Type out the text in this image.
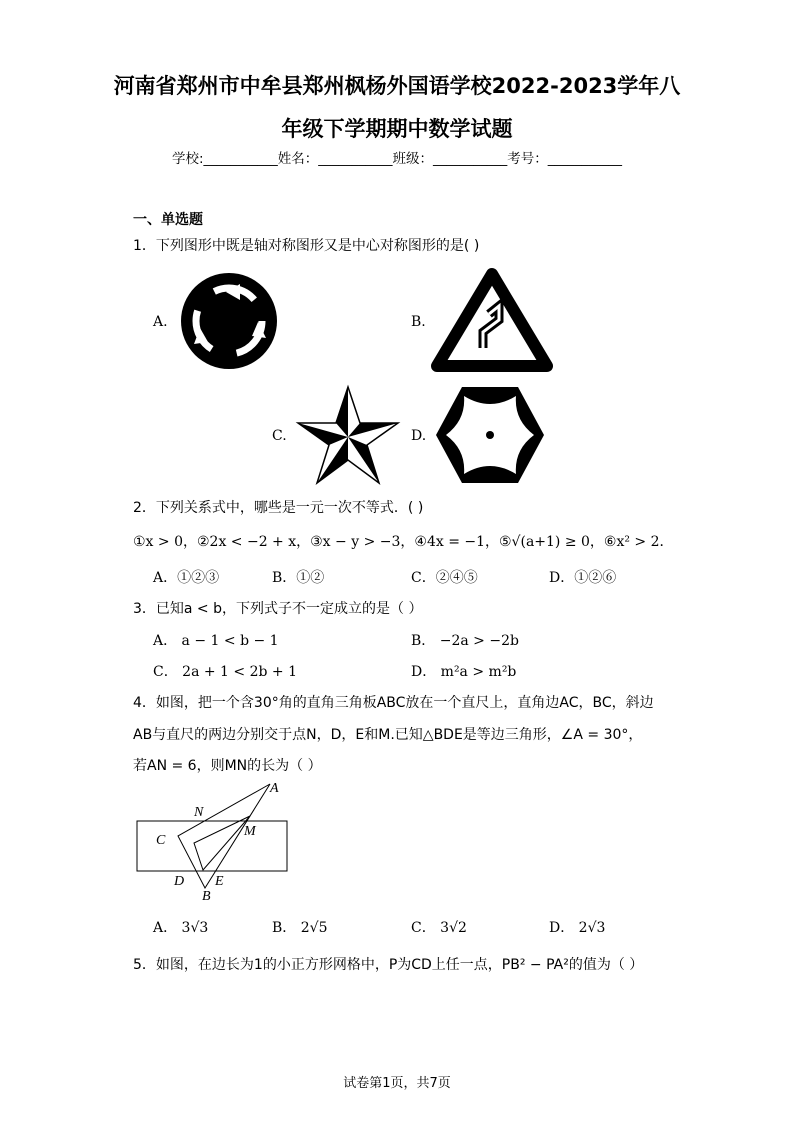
河南省郑州市中牟县郑州枫杨外国语学校2022-2023学年八
年级下学期期中数学试题
学校:___________姓名：___________班级：___________考号：___________
一、单选题
1．下列图形中既是轴对称图形又是中心对称图形的是( )
A.	B.
C.	D.
2．下列关系式中，哪些是一元一次不等式．( )
①x > 0，②2x < −2 + x，③x − y > −3，④4x = −1，⑤√(a+1) ≥ 0，⑥x² > 2．
A．①②③	B．①②	C．②④⑤	D．①②⑥
3．已知a < b，下列式子不一定成立的是（ ）
A． a − 1 < b − 1	B． −2a > −2b
C． 2a + 1 < 2b + 1	D． m²a > m²b
4．如图，把一个含30°角的直角三角板ABC放在一个直尺上，直角边AC，BC，斜边
AB与直尺的两边分别交于点N，D，E和M.已知△BDE是等边三角形，∠A = 30°，
若AN = 6，则MN的长为（ ）
A
N
M
C
D E
B
A． 3√3	B． 2√5	C． 3√2	D． 2√3
5．如图，在边长为1的小正方形网格中，P为CD上任一点，PB² − PA²的值为（ ）
试卷第1页，共7页
